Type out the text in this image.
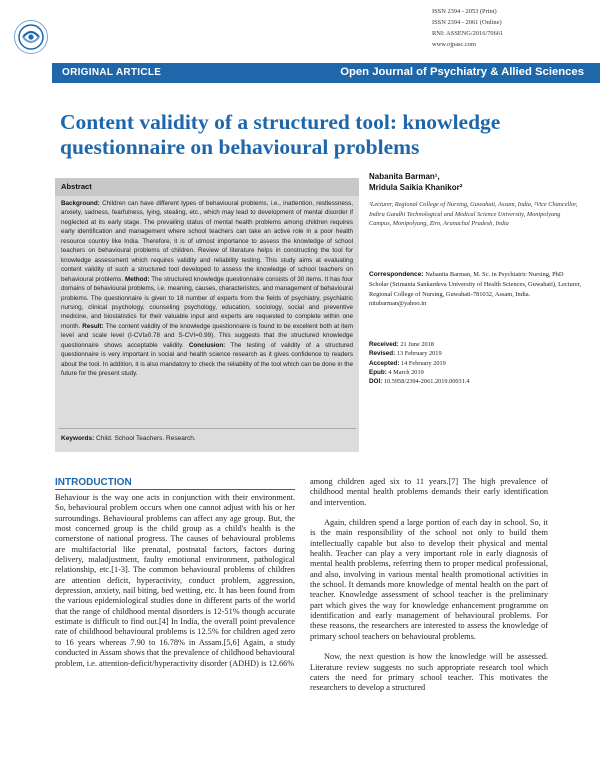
ISSN 2394 - 2053 (Print)
ISSN 2394 - 2061 (Online)
RNI: ASSENG/2016/70661
www.ojpasc.com
ORIGINAL ARTICLE	Open Journal of Psychiatry & Allied Sciences
Content validity of a structured tool: knowledge questionnaire on behavioural problems
Abstract
Background: Children can have different types of behavioural problems, i.e., inattention, restlessness, anxiety, sadness, fearfulness, lying, stealing, etc., which may lead to development of mental disorder if neglected at its early stage. The prevailing status of mental health problems among children requires early identification and management where school teachers can take an active role in a poor health resource country like India. Therefore, it is of utmost importance to assess the knowledge of school teachers on behavioural problems of children. Review of literature helps in constructing the tool for knowledge assessment which requires validity and reliability testing. This study aims at evaluating content validity of such a structured tool developed to assess the knowledge of school teachers on behavioural problems. Method: The structured knowledge questionnaire consists of 30 items. It has four domains of behavioural problems, i.e. meaning, causes, characteristics, and management of behavioural problems. The questionnaire is given to 18 number of experts from the fields of psychiatry, psychiatric nursing, clinical psychology, counseling psychology, education, sociology, social and preventive medicine, and biostatistics for their valuable input and experts are requested to complete within one month. Result: The content validity of the knowledge questionnaire is found to be excellent both at item level and scale level (I-CVI≥0.78 and S-CVI=0.99). This suggests that the structured knowledge questionnaire shows acceptable validity. Conclusion: The testing of validity of a structured questionnaire is very important in social and health science research as it gives confidence to readers about the tool. In addition, it is also mandatory to check the reliability of the tool which can be done in the future for the present study.
Keywords: Child. School Teachers. Research.
Nabanita Barman¹,
Mridula Saikia Khanikor²
¹Lecturer, Regional College of Nursing, Guwahati, Assam, India, ²Vice Chancellor, Indira Gandhi Technological and Medical Science University, Monipolyang Campus, Monipolyang, Ziro, Arunachal Pradesh, India
Correspondence: Nabanita Barman, M. Sc. in Psychiatric Nursing, PhD Scholar (Srimanta Sankardeva University of Health Sciences, Guwahati), Lecturer, Regional College of Nursing, Guwahati-781032, Assam, India. nitubarman@yahoo.in
Received: 21 June 2018
Revised: 13 February 2019
Accepted: 14 February 2019
Epub: 4 March 2019
DOI: 10.5958/2394-2061.2019.00031.4
INTRODUCTION

Behaviour is the way one acts in conjunction with their environment. So, behavioural problem occurs when one cannot adjust with his or her surroundings. Behavioural problems can affect any age group. But, the most concerned group is the child group as a child's health is the cornerstone of national progress. The causes of behavioural problems are multifactorial like prenatal, postnatal factors, factors during delivery, maladjustment, faulty emotional environment, pathological relationship, etc.[1-3]. The common behavioural problems of children are attention deficit, hyperactivity, conduct problem, aggression, depression, anxiety, nail biting, bed wetting, etc. It has been found from the various epidemiological studies done in different parts of the world that the range of childhood mental disorders is 12-51% though accurate estimate is difficult to find out.[4] In India, the overall point prevalence rate of childhood behavioural problems is 12.5% for children aged zero to 16 years whereas 7.90 to 16.78% in Assam.[5,6] Again, a study conducted in Assam shows that the prevalence of childhood behavioural problem, i.e. attention-deficit/hyperactivity disorder (ADHD) is 12.66%

among children aged six to 11 years.[7] The high prevalence of childhood mental health problems demands their early identification and intervention.

Again, children spend a large portion of each day in school. So, it is the main responsibility of the school not only to build them intellectually capable but also to develop their physical and mental health. Teacher can play a very important role in early diagnosis of mental health problems, referring them to proper medical professional, and also, involving in various mental health promotional activities in the school. It demands more knowledge of mental health on the part of teacher. Knowledge assessment of school teacher is the preliminary part which gives the way for knowledge enhancement programme on identification and early management of behavioural problems. For these reasons, the researchers are interested to assess the knowledge of primary school teachers on behavioural problems.

Now, the next question is how the knowledge will be assessed. Literature review suggests no such appropriate research tool which caters the need for primary school teacher. This motivates the researchers to develop a structured
